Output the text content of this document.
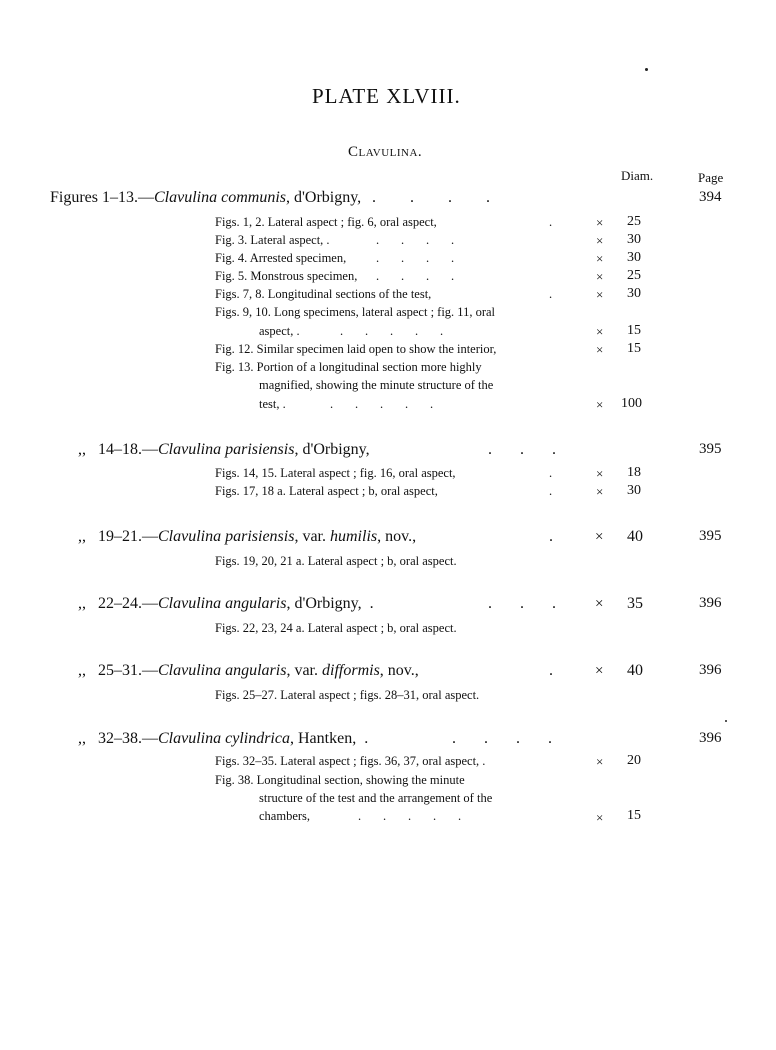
PLATE XLVIII.
Clavulina.
Diam.	Page
Figures 1–13.—Clavulina communis, d'Orbigny, . . . .	394
Figs. 1, 2. Lateral aspect ; fig. 6, oral aspect,	.	× 25
Fig. 3. Lateral aspect, .	.       .       .       .	× 30
Fig. 4. Arrested specimen, .       .       .       .	× 30
Fig. 5. Monstrous specimen, .       .       .       .	× 25
Figs. 7, 8. Longitudinal sections of the test,	.	× 30
Figs. 9, 10. Long specimens, lateral aspect ; fig. 11, oral
aspect, .	.       .       .       .       .	× 15
Fig. 12. Similar specimen laid open to show the interior,	× 15
Fig. 13. Portion of a longitudinal section more highly
magnified, showing the minute structure of the
test, .	.       .       .       .       .	× 100
,,   14–18.—Clavulina parisiensis, d'Orbigny,	.       .       .	395
Figs. 14, 15. Lateral aspect ; fig. 16, oral aspect,	.	× 18
Figs. 17, 18 a. Lateral aspect ; b, oral aspect,	.	× 30
,,   19–21.—Clavulina parisiensis, var. humilis, nov.,	.	× 40	395
Figs. 19, 20, 21 a. Lateral aspect ; b, oral aspect.
,,   22–24.—Clavulina angularis, d'Orbigny,  .	.       .       .	× 35	396
Figs. 22, 23, 24 a. Lateral aspect ; b, oral aspect.
,,   25–31.—Clavulina angularis, var. difformis, nov.,	.	× 40	396
Figs. 25–27. Lateral aspect ; figs. 28–31, oral aspect.
,,   32–38.—Clavulina cylindrica, Hantken,  .	.       .       .       .	396
Figs. 32–35. Lateral aspect ; figs. 36, 37, oral aspect, .	× 20
Fig. 38. Longitudinal section, showing the minute
structure of the test and the arrangement of the
chambers,	.       .       .       .       .	× 15
